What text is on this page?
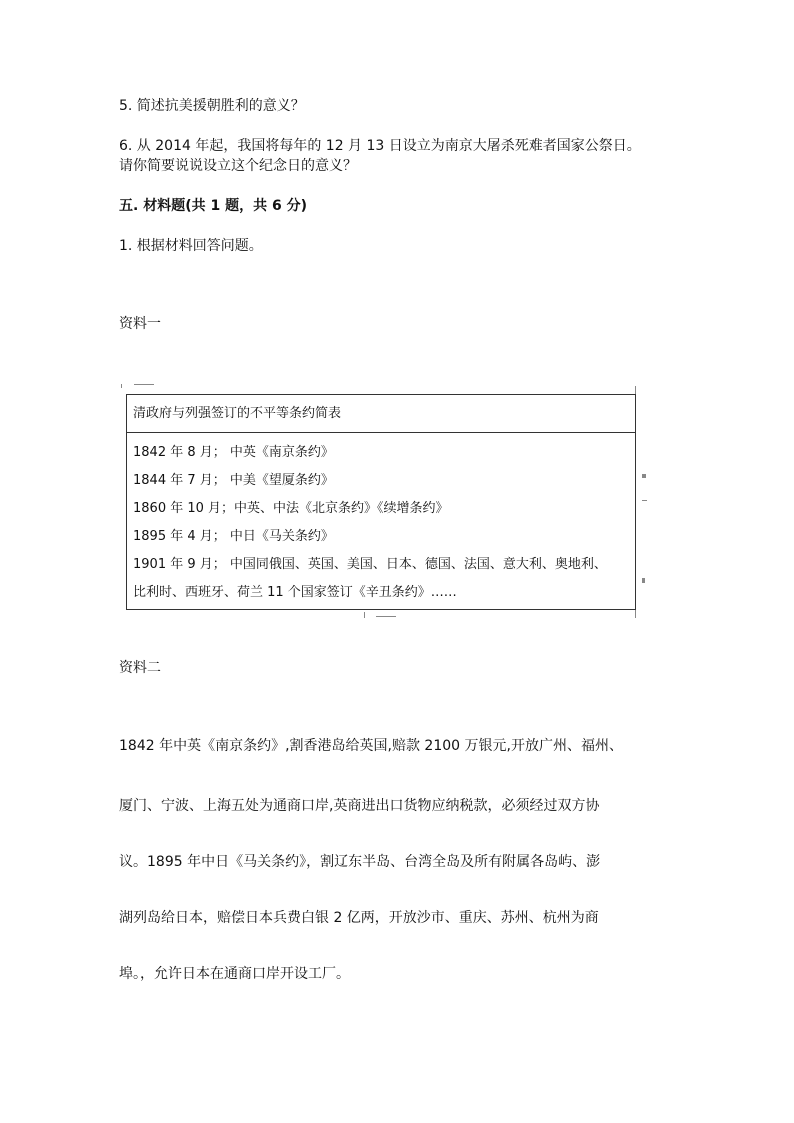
5. 简述抗美援朝胜利的意义？
6. 从 2014 年起，我国将每年的 12 月 13 日设立为南京大屠杀死难者国家公祭日。
请你简要说说设立这个纪念日的意义？
五. 材料题(共 1 题，共 6 分)
1. 根据材料回答问题。
资料一
清政府与列强签订的不平等条约简表
1842 年 8 月； 中英《南京条约》
1844 年 7 月； 中美《望厦条约》
1860 年 10 月；中英、中法《北京条约》《续增条约》
1895 年 4 月； 中日《马关条约》
1901 年 9 月； 中国同俄国、英国、美国、日本、德国、法国、意大利、奥地利、
比利时、西班牙、荷兰 11 个国家签订《辛丑条约》……
资料二
1842 年中英《南京条约》,割香港岛给英国,赔款 2100 万银元,开放广州、福州、
厦门、宁波、上海五处为通商口岸,英商进出口货物应纳税款，必须经过双方协
议。1895 年中日《马关条约》，割辽东半岛、台湾全岛及所有附属各岛屿、澎
湖列岛给日本，赔偿日本兵费白银 2 亿两，开放沙市、重庆、苏州、杭州为商
埠。，允许日本在通商口岸开设工厂。
